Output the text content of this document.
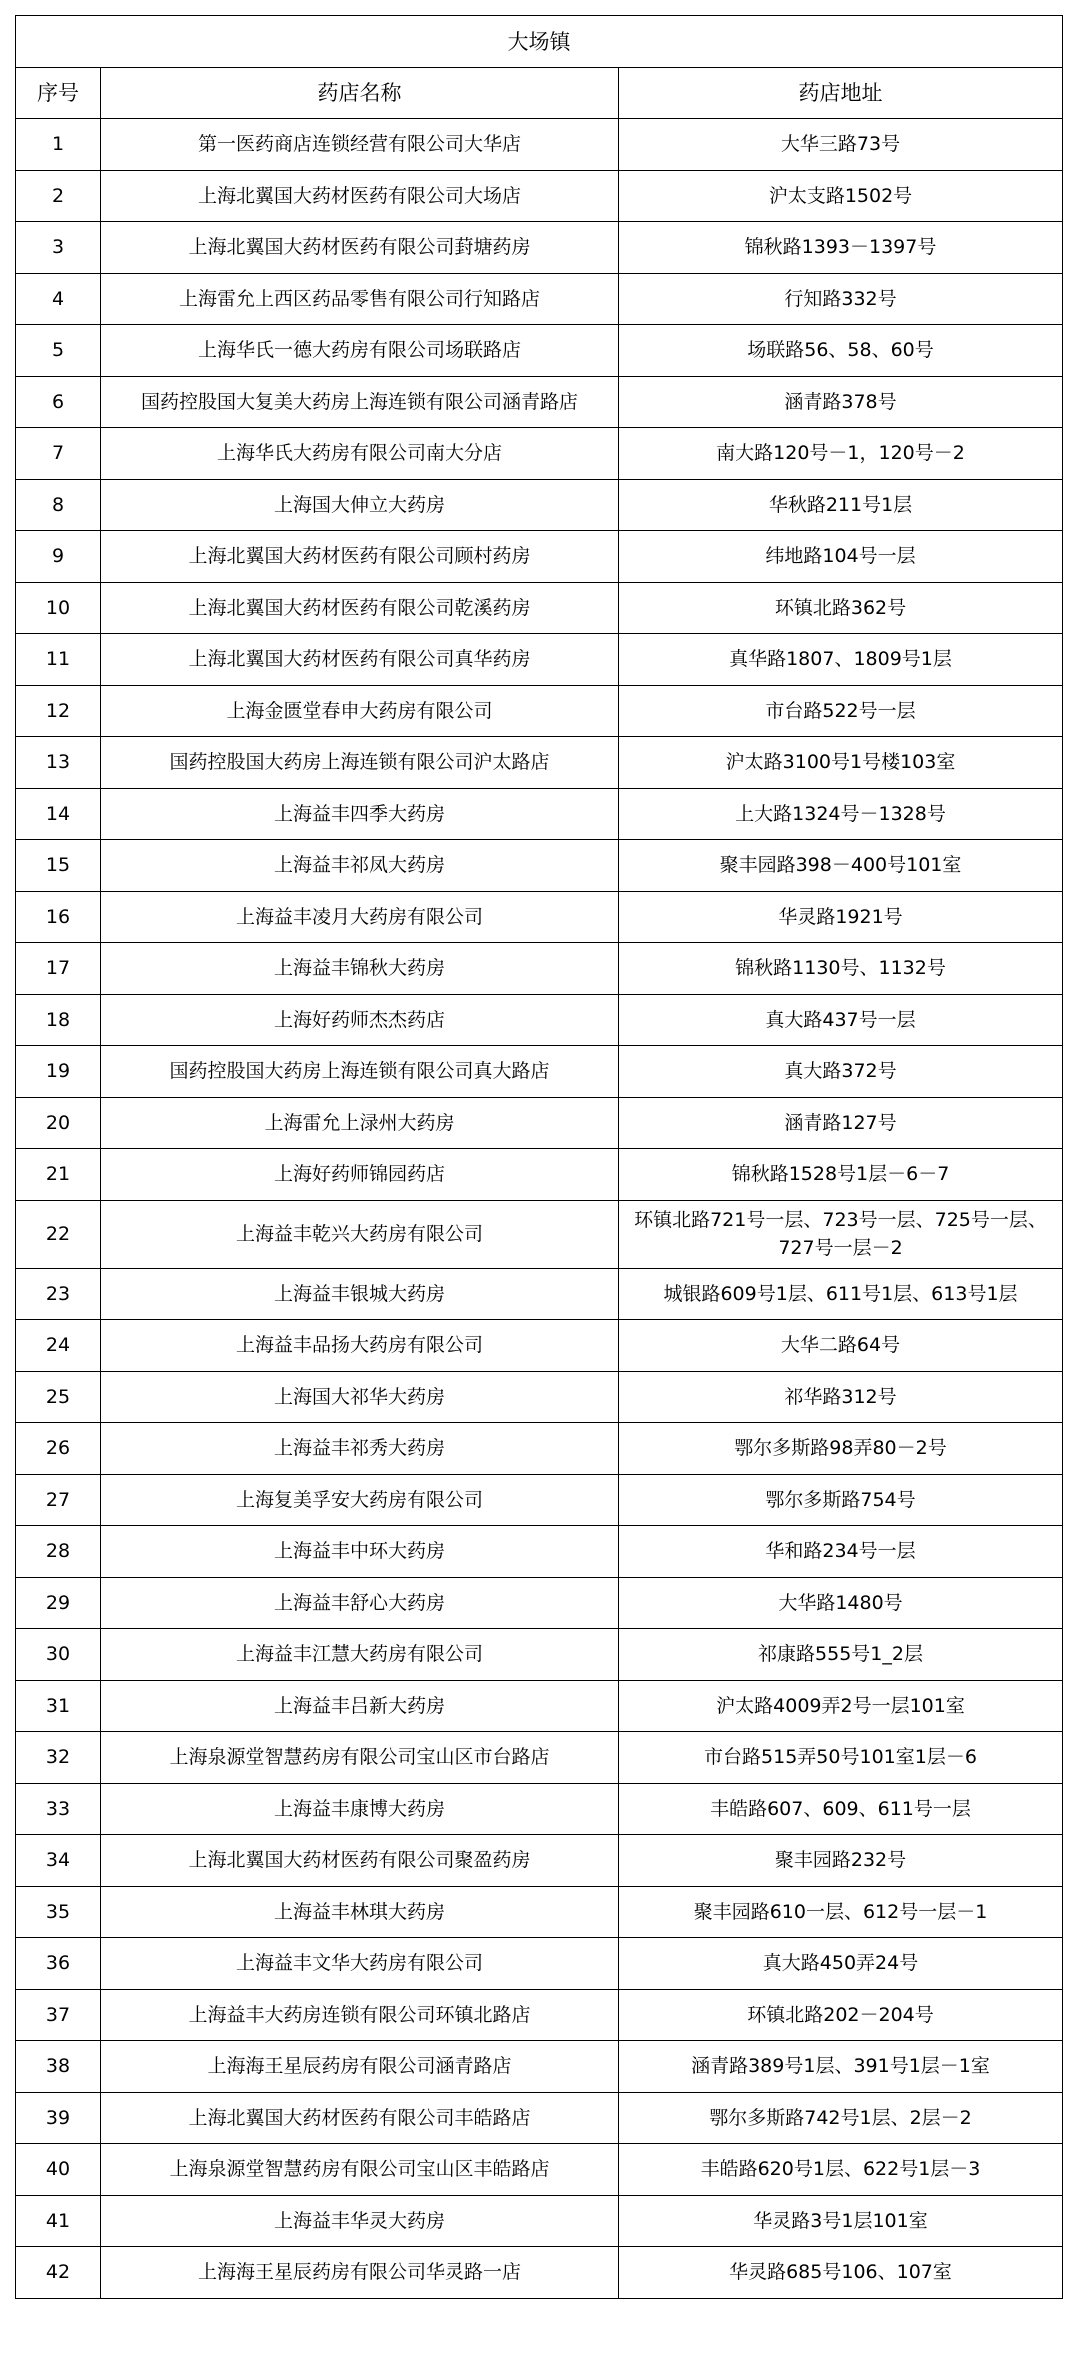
大场镇		
序号	药店名称	药店地址
1	第一医药商店连锁经营有限公司大华店	大华三路73号
2	上海北翼国大药材医药有限公司大场店	沪太支路1502号
3	上海北翼国大药材医药有限公司葑塘药房	锦秋路1393－1397号
4	上海雷允上西区药品零售有限公司行知路店	行知路332号
5	上海华氏一德大药房有限公司场联路店	场联路56、58、60号
6	国药控股国大复美大药房上海连锁有限公司涵青路店	涵青路378号
7	上海华氏大药房有限公司南大分店	南大路120号－1，120号－2
8	上海国大伸立大药房	华秋路211号1层
9	上海北翼国大药材医药有限公司顾村药房	纬地路104号一层
10	上海北翼国大药材医药有限公司乾溪药房	环镇北路362号
11	上海北翼国大药材医药有限公司真华药房	真华路1807、1809号1层
12	上海金匮堂春申大药房有限公司	市台路522号一层
13	国药控股国大药房上海连锁有限公司沪太路店	沪太路3100号1号楼103室
14	上海益丰四季大药房	上大路1324号－1328号
15	上海益丰祁凤大药房	聚丰园路398－400号101室
16	上海益丰凌月大药房有限公司	华灵路1921号
17	上海益丰锦秋大药房	锦秋路1130号、1132号
18	上海好药师杰杰药店	真大路437号一层
19	国药控股国大药房上海连锁有限公司真大路店	真大路372号
20	上海雷允上渌州大药房	涵青路127号
21	上海好药师锦园药店	锦秋路1528号1层－6－7
22	上海益丰乾兴大药房有限公司	环镇北路721号一层、723号一层、725号一层、727号一层－2
23	上海益丰银城大药房	城银路609号1层、611号1层、613号1层
24	上海益丰品扬大药房有限公司	大华二路64号
25	上海国大祁华大药房	祁华路312号
26	上海益丰祁秀大药房	鄂尔多斯路98弄80－2号
27	上海复美孚安大药房有限公司	鄂尔多斯路754号
28	上海益丰中环大药房	华和路234号一层
29	上海益丰舒心大药房	大华路1480号
30	上海益丰江慧大药房有限公司	祁康路555号1_2层
31	上海益丰吕新大药房	沪太路4009弄2号一层101室
32	上海泉源堂智慧药房有限公司宝山区市台路店	市台路515弄50号101室1层－6
33	上海益丰康博大药房	丰皓路607、609、611号一层
34	上海北翼国大药材医药有限公司聚盈药房	聚丰园路232号
35	上海益丰林琪大药房	聚丰园路610一层、612号一层－1
36	上海益丰文华大药房有限公司	真大路450弄24号
37	上海益丰大药房连锁有限公司环镇北路店	环镇北路202－204号
38	上海海王星辰药房有限公司涵青路店	涵青路389号1层、391号1层－1室
39	上海北翼国大药材医药有限公司丰皓路店	鄂尔多斯路742号1层、2层－2
40	上海泉源堂智慧药房有限公司宝山区丰皓路店	丰皓路620号1层、622号1层－3
41	上海益丰华灵大药房	华灵路3号1层101室
42	上海海王星辰药房有限公司华灵路一店	华灵路685号106、107室
